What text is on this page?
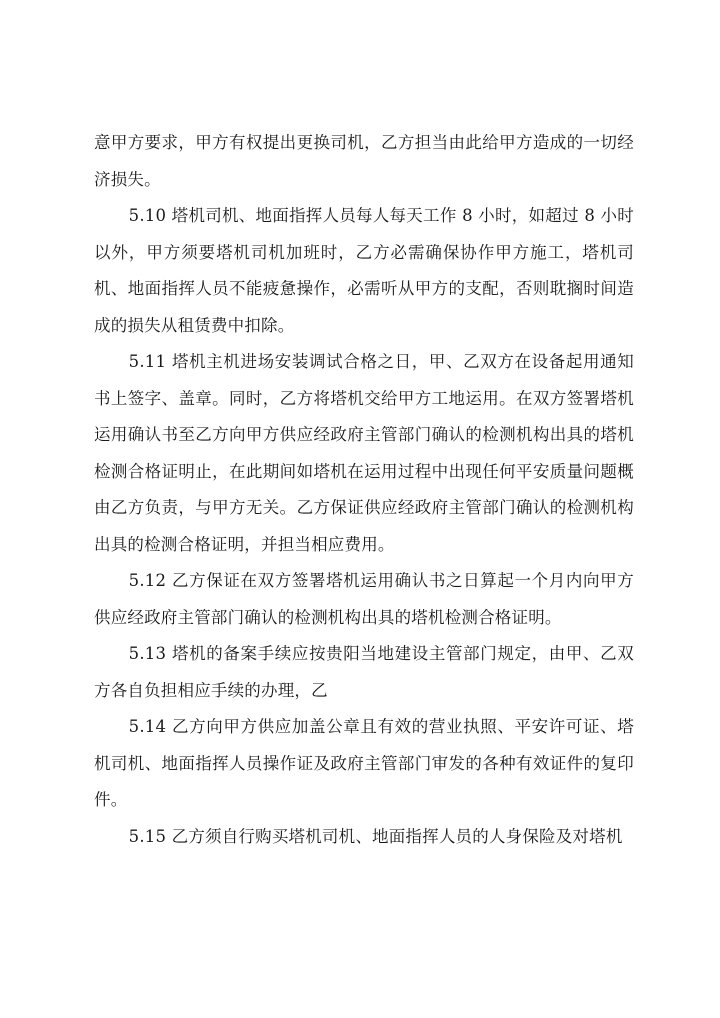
意甲方要求，甲方有权提出更换司机，乙方担当由此给甲方造成的一切经济损失。

5.10 塔机司机、地面指挥人员每人每天工作 8 小时，如超过 8 小时以外，甲方须要塔机司机加班时，乙方必需确保协作甲方施工，塔机司机、地面指挥人员不能疲惫操作，必需听从甲方的支配，否则耽搁时间造成的损失从租赁费中扣除。

5.11 塔机主机进场安装调试合格之日，甲、乙双方在设备起用通知书上签字、盖章。同时，乙方将塔机交给甲方工地运用。在双方签署塔机运用确认书至乙方向甲方供应经政府主管部门确认的检测机构出具的塔机检测合格证明止，在此期间如塔机在运用过程中出现任何平安质量问题概由乙方负责，与甲方无关。乙方保证供应经政府主管部门确认的检测机构出具的检测合格证明，并担当相应费用。

5.12 乙方保证在双方签署塔机运用确认书之日算起一个月内向甲方供应经政府主管部门确认的检测机构出具的塔机检测合格证明。

5.13 塔机的备案手续应按贵阳当地建设主管部门规定，由甲、乙双方各自负担相应手续的办理，乙

5.14 乙方向甲方供应加盖公章且有效的营业执照、平安许可证、塔机司机、地面指挥人员操作证及政府主管部门审发的各种有效证件的复印件。

5.15 乙方须自行购买塔机司机、地面指挥人员的人身保险及对塔机
